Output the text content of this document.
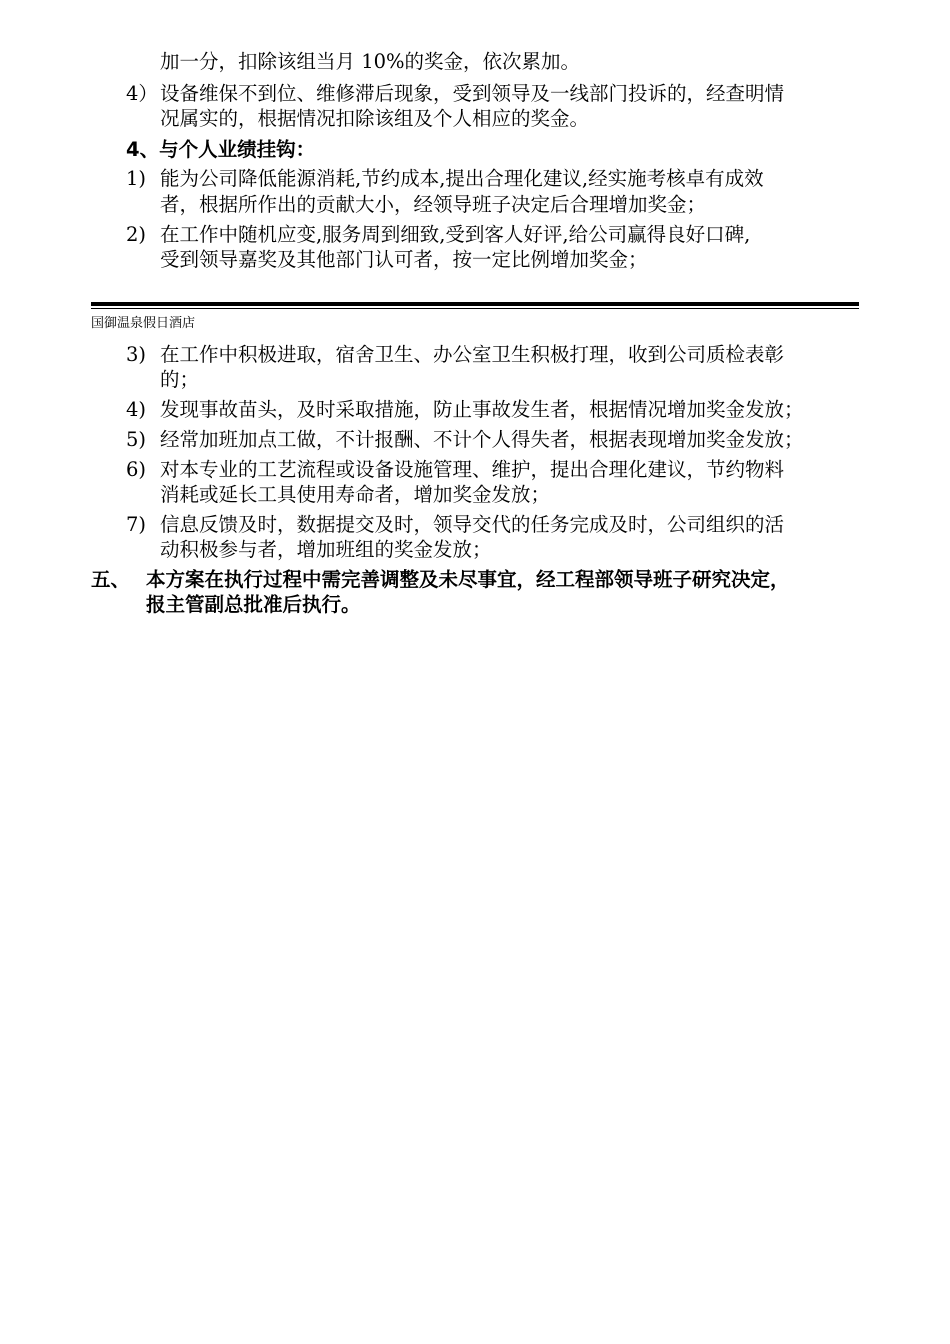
加一分，扣除该组当月 10%的奖金，依次累加。
4） 设备维保不到位、维修滞后现象，受到领导及一线部门投诉的，经查明情
况属实的，根据情况扣除该组及个人相应的奖金。
4、与个人业绩挂钩：
1) 能为公司降低能源消耗,节约成本,提出合理化建议,经实施考核卓有成效
者，根据所作出的贡献大小，经领导班子决定后合理增加奖金；
2) 在工作中随机应变,服务周到细致,受到客人好评,给公司赢得良好口碑,
受到领导嘉奖及其他部门认可者，按一定比例增加奖金；
国御温泉假日酒店
3) 在工作中积极进取，宿舍卫生、办公室卫生积极打理，收到公司质检表彰
的；
4) 发现事故苗头，及时采取措施，防止事故发生者，根据情况增加奖金发放；
5) 经常加班加点工做，不计报酬、不计个人得失者，根据表现增加奖金发放；
6) 对本专业的工艺流程或设备设施管理、维护，提出合理化建议，节约物料
消耗或延长工具使用寿命者，增加奖金发放；
7) 信息反馈及时，数据提交及时，领导交代的任务完成及时，公司组织的活
动积极参与者，增加班组的奖金发放；
五、 本方案在执行过程中需完善调整及未尽事宜，经工程部领导班子研究决定，
报主管副总批准后执行。
